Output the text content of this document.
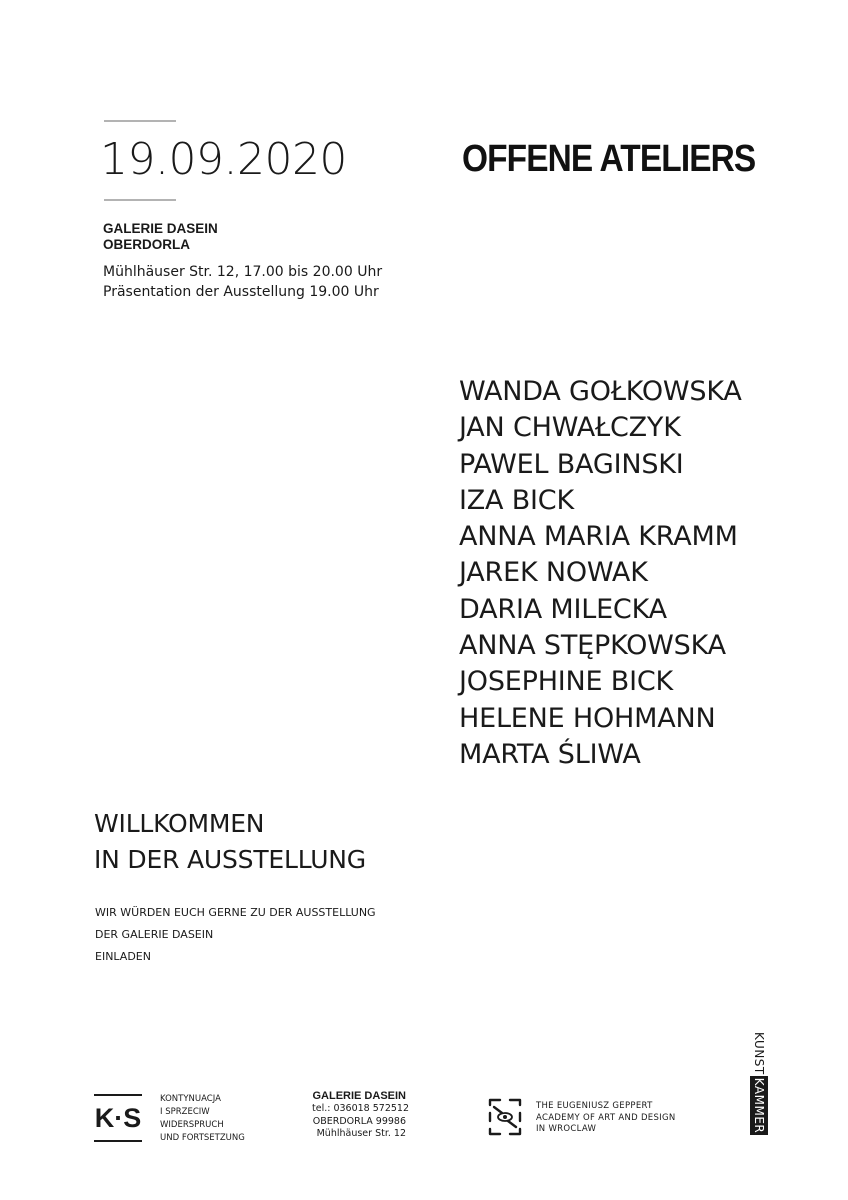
19.09.2020	OFFENE ATELIERS
GALERIE DASEIN
OBERDORLA
Mühlhäuser Str. 12, 17.00 bis 20.00 Uhr
Präsentation der Ausstellung 19.00 Uhr
WANDA GOŁKOWSKA
JAN CHWAŁCZYK
PAWEL BAGINSKI
IZA BICK
ANNA MARIA KRAMM
JAREK NOWAK
DARIA MILECKA
ANNA STĘPKOWSKA
JOSEPHINE BICK
HELENE HOHMANN
MARTA ŚLIWA
WILLKOMMEN
IN DER AUSSTELLUNG
WIR WÜRDEN EUCH GERNE ZU DER AUSSTELLUNG
DER GALERIE DASEIN
EINLADEN
K·S
KONTYNUACJA
I SPRZECIW
WIDERSPRUCH
UND FORTSETZUNG
GALERIE DASEIN
tel.: 036018 572512
OBERDORLA 99986
Mühlhäuser Str. 12
THE EUGENIUSZ GEPPERT
ACADEMY OF ART AND DESIGN
IN WROCLAW
KUNST
KAMMER
